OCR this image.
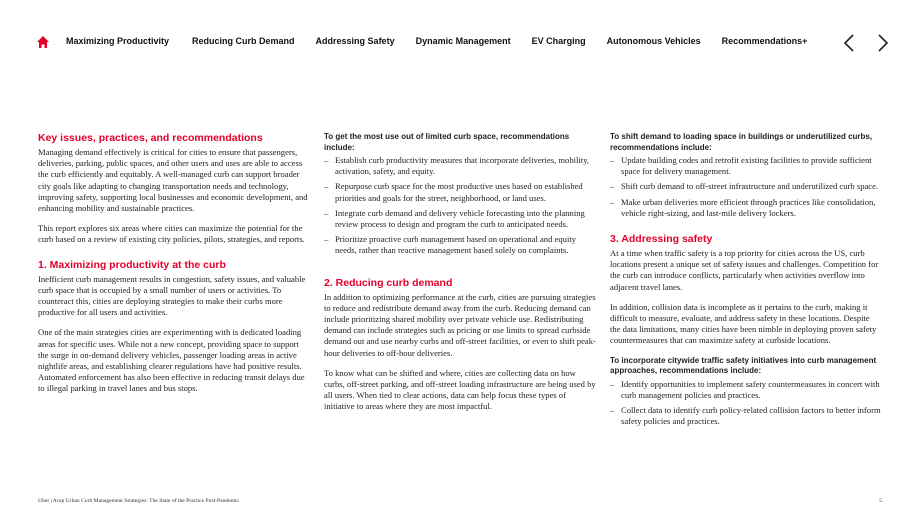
Maximizing Productivity	Reducing Curb Demand Addressing Safety Dynamic Management EV Charging Autonomous Vehicles Recommendations+
Key issues, practices, and recommendations

Managing demand effectively is critical for cities to ensure that passengers, deliveries, parking, public spaces, and other users and uses are able to access the curb efficiently and equitably. A well-managed curb can support broader city goals like adapting to changing transportation needs and technology, improving safety, supporting local businesses and economic development, and enhancing mobility and sustainable practices.

This report explores six areas where cities can maximize the potential for the curb based on a review of existing city policies, pilots, strategies, and reports.

1. Maximizing productivity at the curb

Inefficient curb management results in congestion, safety issues, and valuable curb space that is occupied by a small number of users or activities. To counteract this, cities are deploying strategies to make their curbs more productive for all users and activities.

One of the main strategies cities are experimenting with is dedicated loading areas for specific uses. While not a new concept, providing space to support the surge in on-demand delivery vehicles, passenger loading areas in active nightlife areas, and establishing clearer regulations have had positive results. Automated enforcement has also been effective in reducing transit delays due to illegal parking in travel lanes and bus stops.

To get the most use out of limited curb space, recommendations include:
– Establish curb productivity measures that incorporate deliveries, mobility, activation, safety, and equity.
– Repurpose curb space for the most productive uses based on established priorities and goals for the street, neighborhood, or land uses.
– Integrate curb demand and delivery vehicle forecasting into the planning review process to design and program the curb to anticipated needs.
– Prioritize proactive curb management based on operational and equity needs, rather than reactive management based solely on complaints.
2. Reducing curb demand

In addition to optimizing performance at the curb, cities are pursuing strategies to reduce and redistribute demand away from the curb. Reducing demand can include prioritizing shared mobility over private vehicle use. Redistributing demand can include strategies such as pricing or use limits to spread curbside demand out and use nearby curbs and off-street facilities, or even to shift peak-hour deliveries to off-hour deliveries.

To know what can be shifted and where, cities are collecting data on how curbs, off-street parking, and off-street loading infrastructure are being used by all users. When tied to clear actions, data can help focus these types of initiative to areas where they are most impactful.

To shift demand to loading space in buildings or underutilized curbs, recommendations include:
– Update building codes and retrofit existing facilities to provide sufficient space for delivery management.
– Shift curb demand to off-street infrastructure and underutilized curb space.
– Make urban deliveries more efficient through practices like consolidation, vehicle right-sizing, and last-mile delivery lockers.
3. Addressing safety

At a time when traffic safety is a top priority for cities across the US, curb locations present a unique set of safety issues and challenges. Competition for the curb can introduce conflicts, particularly when activities overflow into adjacent travel lanes.

In addition, collision data is incomplete as it pertains to the curb, making it difficult to measure, evaluate, and address safety in these locations. Despite the data limitations, many cities have been nimble in deploying proven safety countermeasures that can maximize safety at curbside locations.

To incorporate citywide traffic safety initiatives into curb management approaches, recommendations include:
– Identify opportunities to implement safety countermeasures in concert with curb management policies and practices.
– Collect data to identify curb policy-related collision factors to better inform safety policies and practices.
Uber | Arup Urban Curb Management Strategies: The State of the Practice Post-Pandemic	5
